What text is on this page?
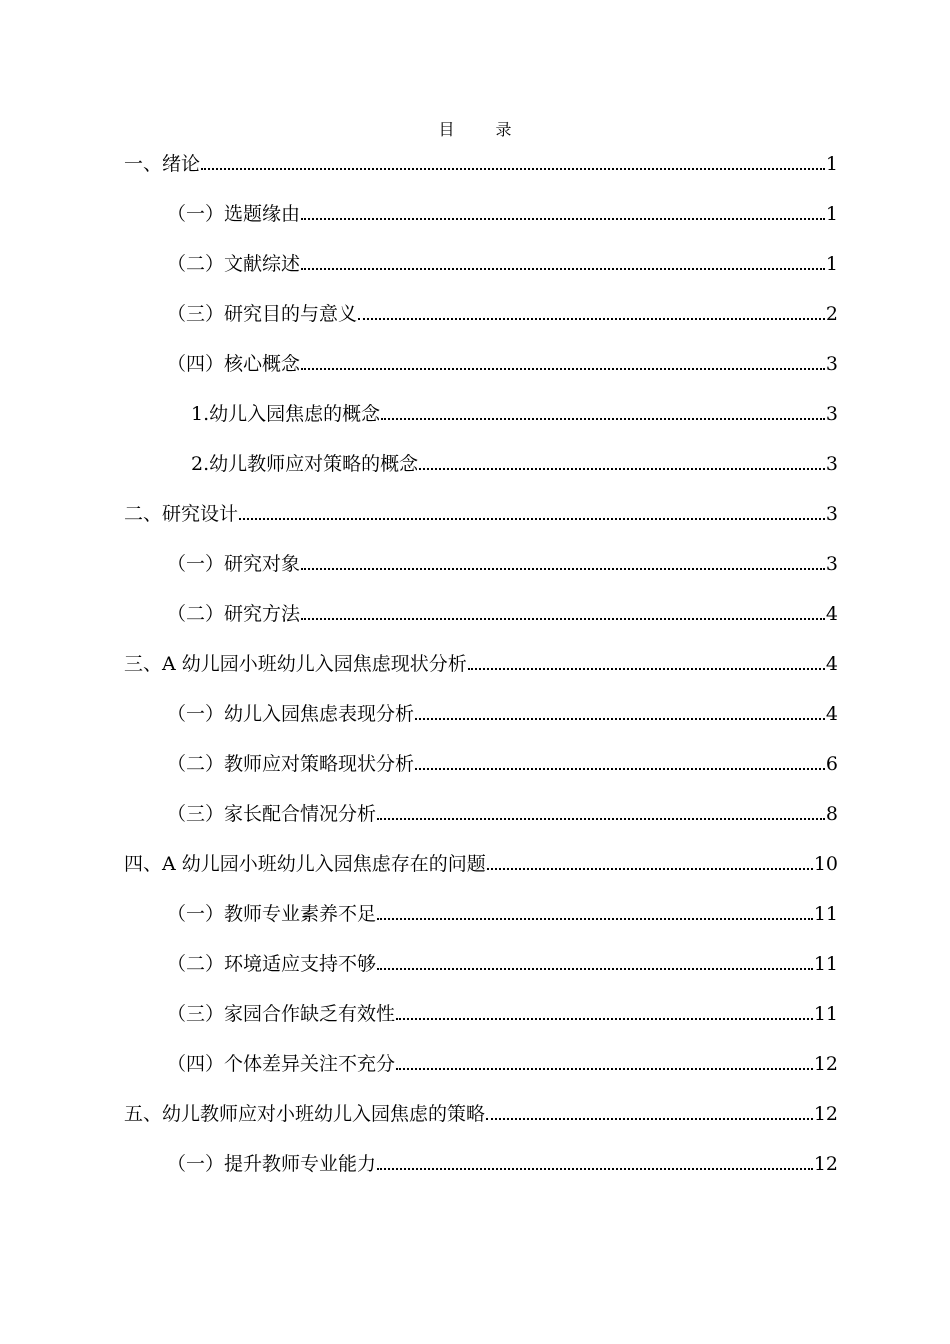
目 录
一、绪论	1
（一）选题缘由	1
（二）文献综述	1
（三）研究目的与意义	2
（四）核心概念	3
1.幼儿入园焦虑的概念	3
2.幼儿教师应对策略的概念	3
二、研究设计	3
（一）研究对象	3
（二）研究方法	4
三、A 幼儿园小班幼儿入园焦虑现状分析	4
（一）幼儿入园焦虑表现分析	4
（二）教师应对策略现状分析	6
（三）家长配合情况分析	8
四、A 幼儿园小班幼儿入园焦虑存在的问题	10
（一）教师专业素养不足	11
（二）环境适应支持不够	11
（三）家园合作缺乏有效性	11
（四）个体差异关注不充分	12
五、幼儿教师应对小班幼儿入园焦虑的策略	12
（一）提升教师专业能力	12
